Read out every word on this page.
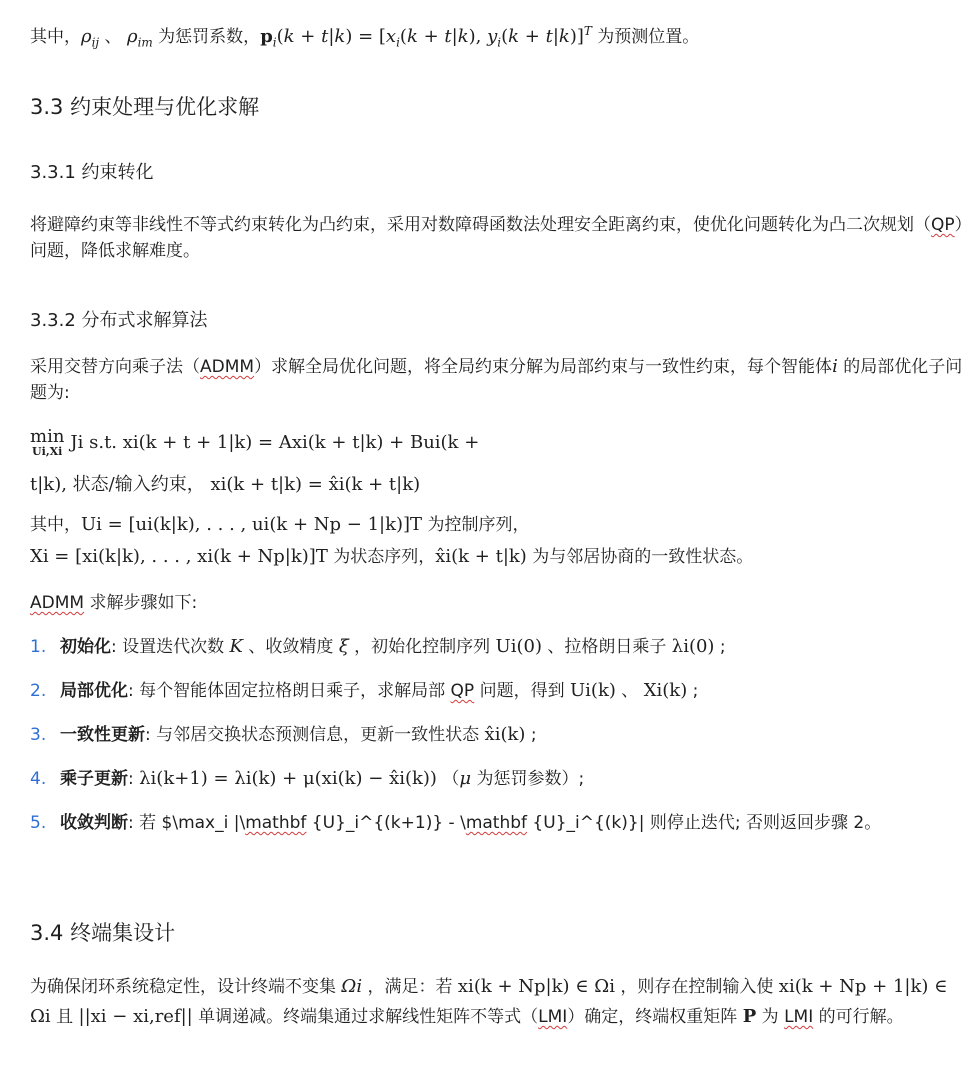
其中，$\rho_{ij}$ 、 $\rho_{im}$ 为惩罚系数，$p_i(k + t|k) = [x_i(k + t|k)$, $y_i(k + t|k)]^T$ 为预测位置。
3.3 约束处理与优化求解
3.3.1 约束转化
将避障约束等非线性不等式约束转化为凸约束，采用对数障碍函数法处理安全距离约束，使优化问题转化为凸二次规划（QP）问题，降低求解难度。
3.3.2 分布式求解算法
采用交替方向乘子法（ADMM）求解全局优化问题，将全局约束分解为局部约束与一致性约束，每个智能体i 的局部优化子问题为:
min
Ui,Xi Ji s.t. xi(k + t + 1|k) = Axi(k + t|k) + Bui(k +
t|k), 状态/输入约束， xi(k + t|k) = x̂i(k + t|k)
其中，Ui = [ui(k|k), . . . , ui(k + Np − 1|k)]T 为控制序列，
Xi = [xi(k|k), . . . , xi(k + Np|k)]T 为状态序列，x̂i(k + t|k) 为与邻居协商的一致性状态。
ADMM 求解步骤如下:
1. 初始化: 设置迭代次数 K 、收敛精度 ξ ，初始化控制序列 Ui(0) 、拉格朗日乘子 λi(0) ;
2. 局部优化: 每个智能体固定拉格朗日乘子，求解局部 QP 问题，得到 Ui(k) 、 Xi(k) ;
3. 一致性更新: 与邻居交换状态预测信息，更新一致性状态 x̂i(k) ;
4. 乘子更新: λi(k+1) = λi(k) + μ(xi(k) − x̂i(k)) （μ 为惩罚参数）;
5. 收敛判断: 若 $\max_i |\mathbf {U}_i^{(k+1)} - \mathbf {U}_i^{(k)}| 则停止迭代; 否则返回步骤 2。
3.4 终端集设计
为确保闭环系统稳定性，设计终端不变集 Ωi ，满足：若 xi(k + Np|k) ∈ Ωi ，则存在控制输入使 xi(k + Np + 1|k) ∈ Ωi 且 ||xi − xi,ref|| 单调递减。终端集通过求解线性矩阵不等式（LMI）确定，终端权重矩阵 P 为 LMI 的可行解。
